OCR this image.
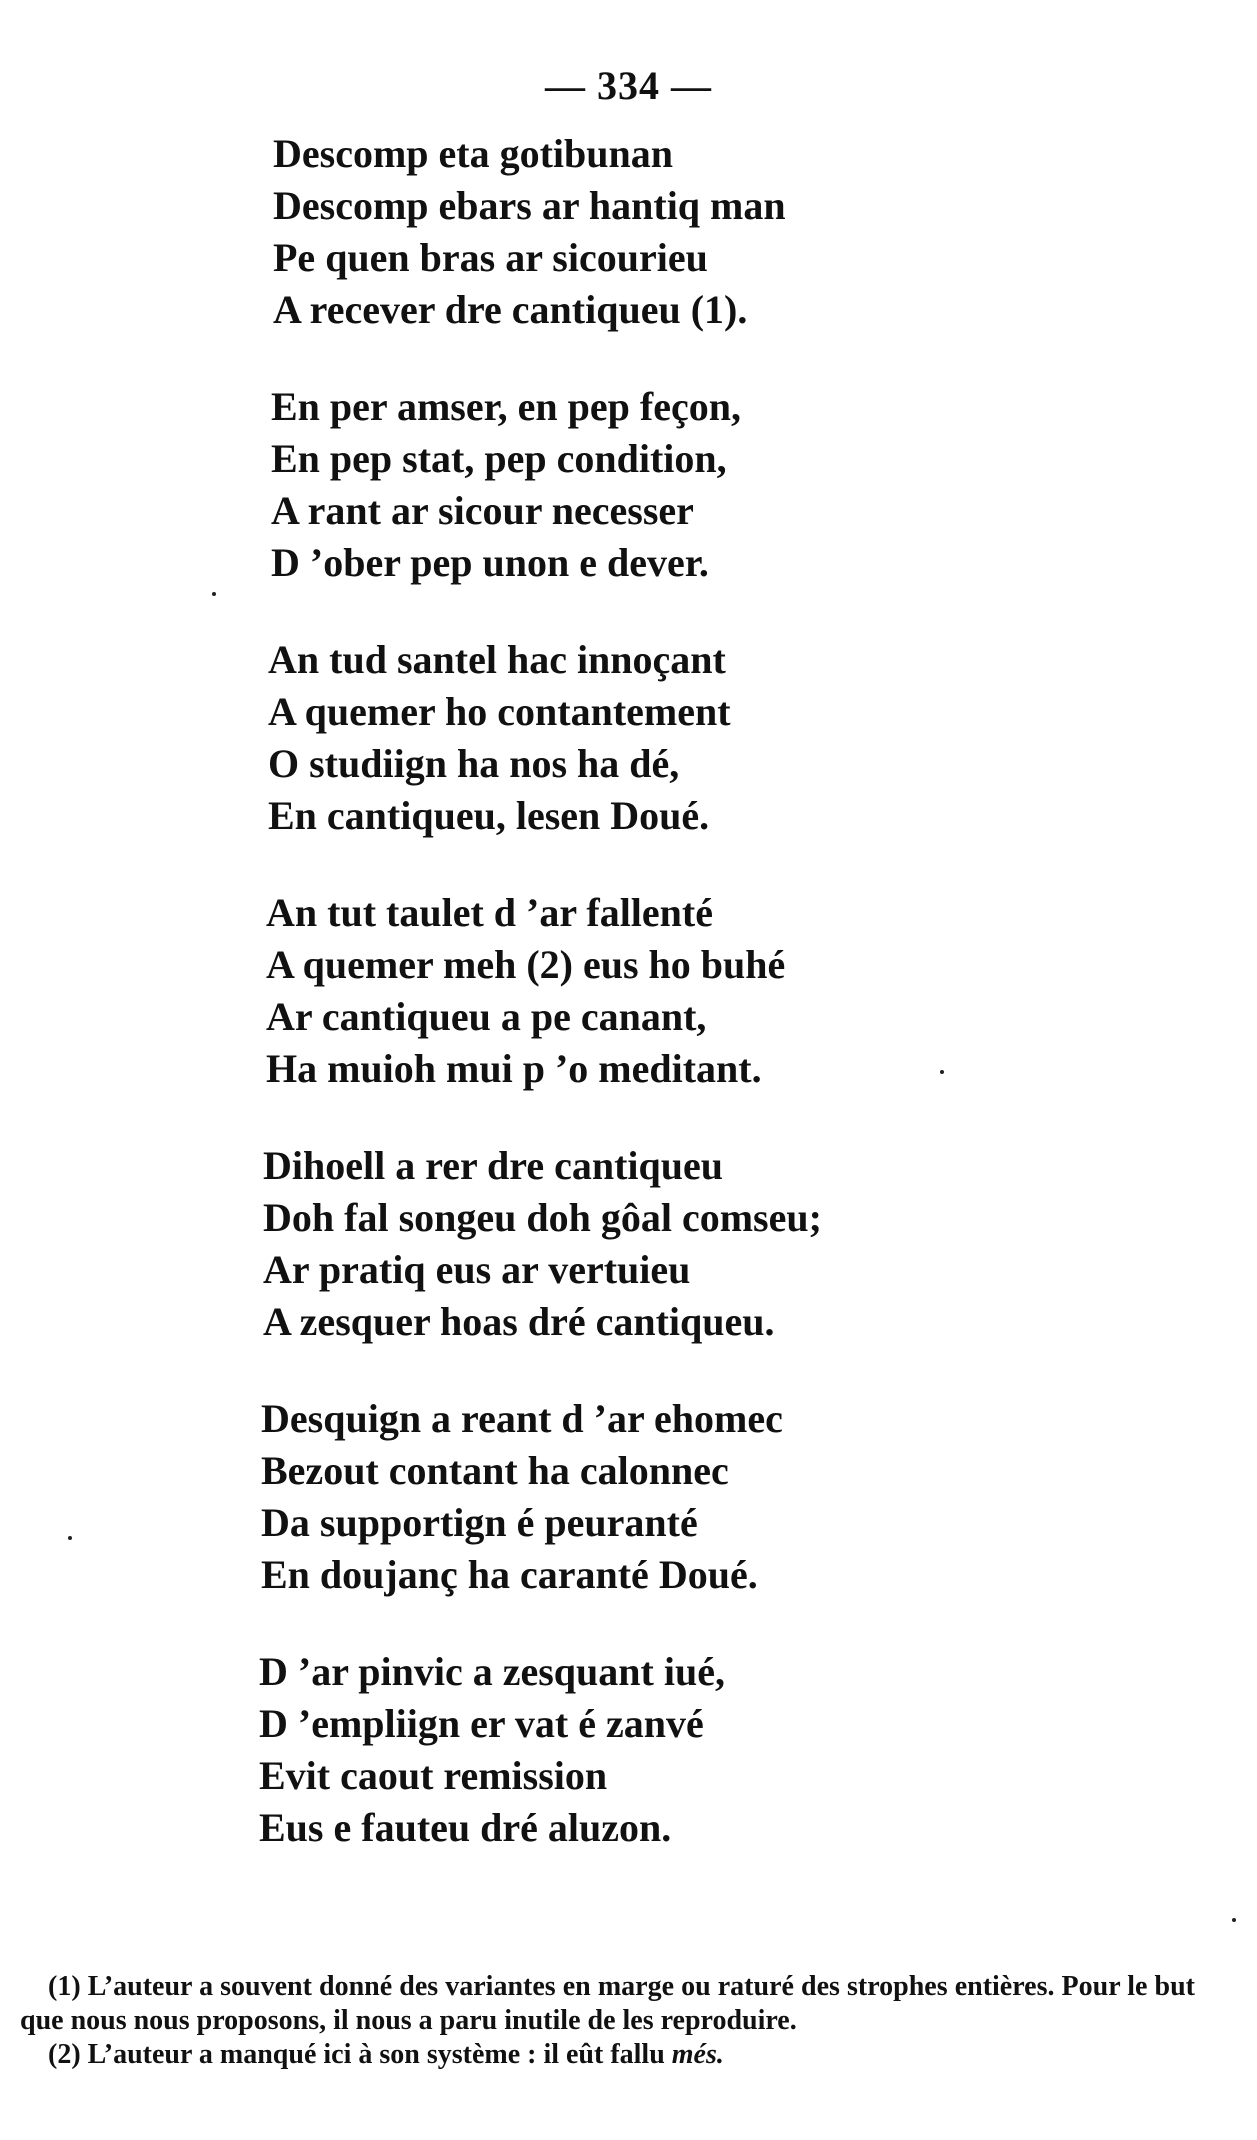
— 334 —
Descomp eta gotibunan
Descomp ebars ar hantiq man
Pe quen bras ar sicourieu
A recever dre cantiqueu (1).
En per amser, en pep feçon,
En pep stat, pep condition,
A rant ar sicour necesser
D ’ober pep unon e dever.
An tud santel hac innoçant
A quemer ho contantement
O studiign ha nos ha dé,
En cantiqueu, lesen Doué.
An tut taulet d ’ar fallenté
A quemer meh (2) eus ho buhé
Ar cantiqueu a pe canant,
Ha muioh mui p ’o meditant.
Dihoell a rer dre cantiqueu
Doh fal songeu doh gôal comseu;
Ar pratiq eus ar vertuieu
A zesquer hoas dré cantiqueu.
Desquign a reant d ’ar ehomec
Bezout contant ha calonnec
Da supportign é peuranté
En doujanç ha caranté Doué.
D ’ar pinvic a zesquant iué,
D ’empliign er vat é zanvé
Evit caout remission
Eus e fauteu dré aluzon.

(1) L’auteur a souvent donné des variantes en marge ou raturé des strophes entières. Pour le but que nous nous proposons, il nous a paru inutile de les reproduire.

(2) L’auteur a manqué ici à son système : il eût fallu més.
